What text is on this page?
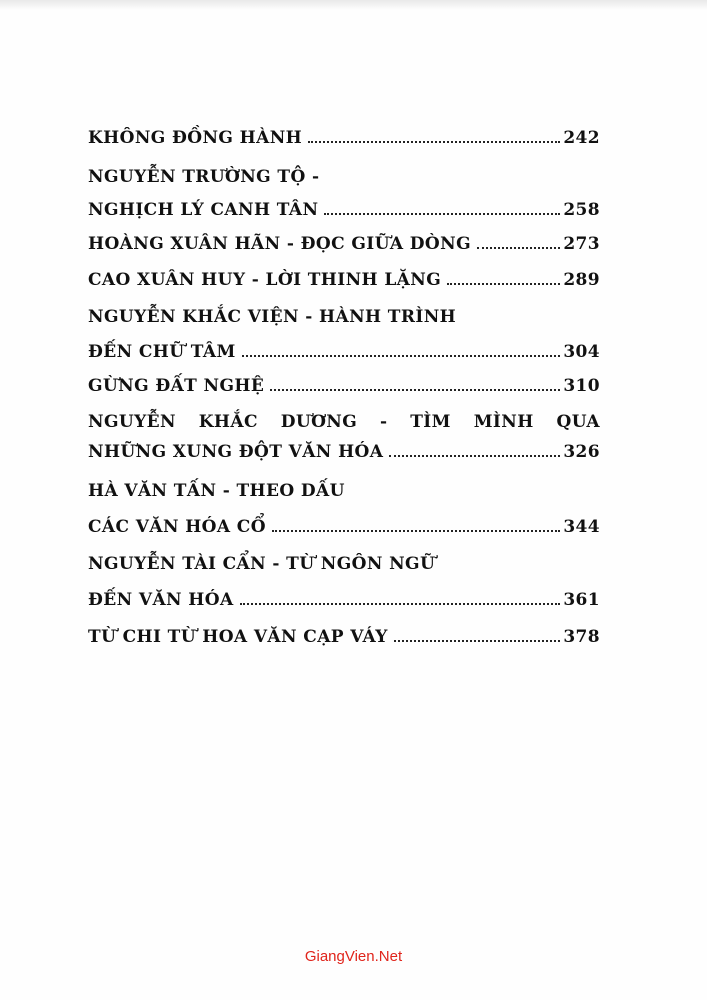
KHÔNG ĐỒNG HÀNH	242
NGUYỄN TRƯỜNG TỘ -
NGHỊCH LÝ CANH TÂN	258
HOÀNG XUÂN HÃN - ĐỌC GIỮA DÒNG	273
CAO XUÂN HUY - LỜI THINH LẶNG	289
NGUYỄN KHẮC VIỆN - HÀNH TRÌNH
ĐẾN CHỮ TÂM	304
GỪNG ĐẤT NGHỆ	310
NGUYỄN KHẮC DƯƠNG - TÌM MÌNH QUA
NHỮNG XUNG ĐỘT VĂN HÓA	326
HÀ VĂN TẤN - THEO DẤU
CÁC VĂN HÓA CỔ	344
NGUYỄN TÀI CẨN - TỪ NGÔN NGỮ
ĐẾN VĂN HÓA	361
TỪ CHI TỪ HOA VĂN CẠP VÁY	378
GiangVien.Net
